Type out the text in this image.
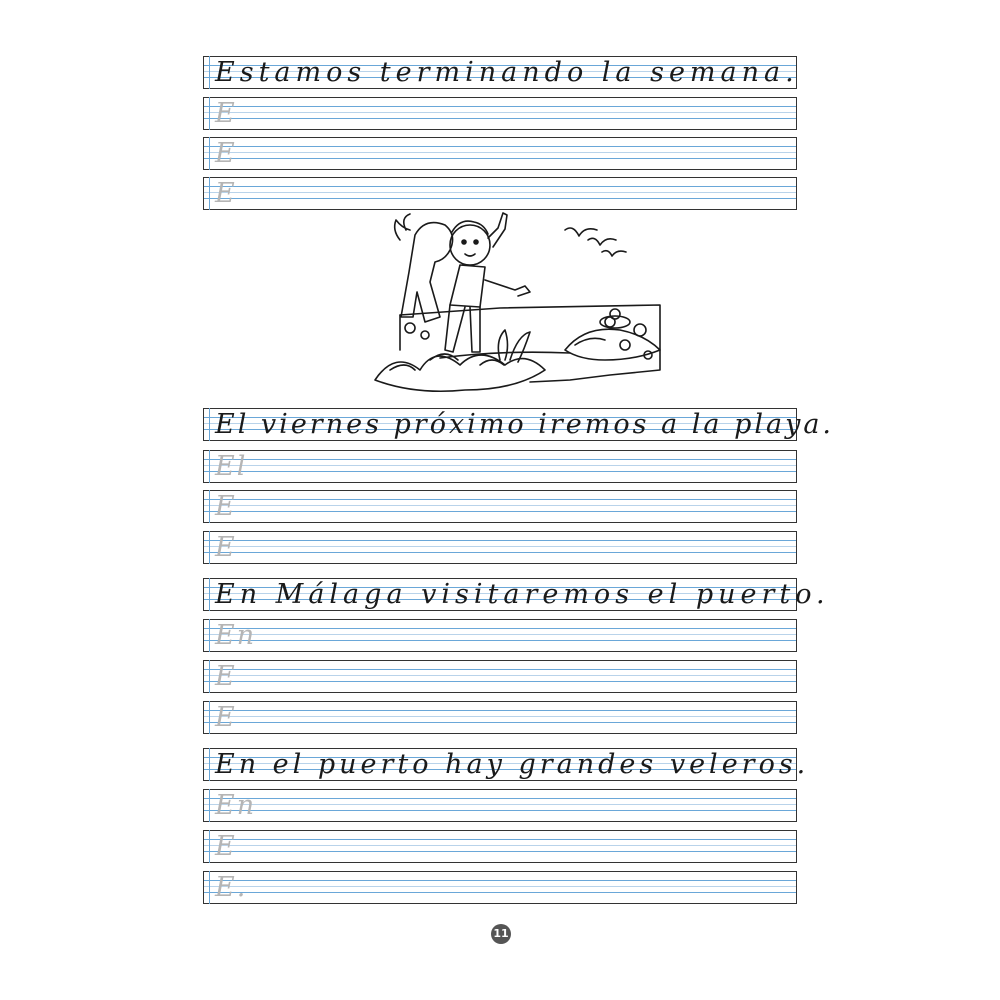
Estamos terminando la semana.
E
E
E
El viernes próximo iremos a la playa.
El
E
E
En Málaga visitaremos el puerto.
En
E
E
En el puerto hay grandes veleros.
En
E
E.
11
